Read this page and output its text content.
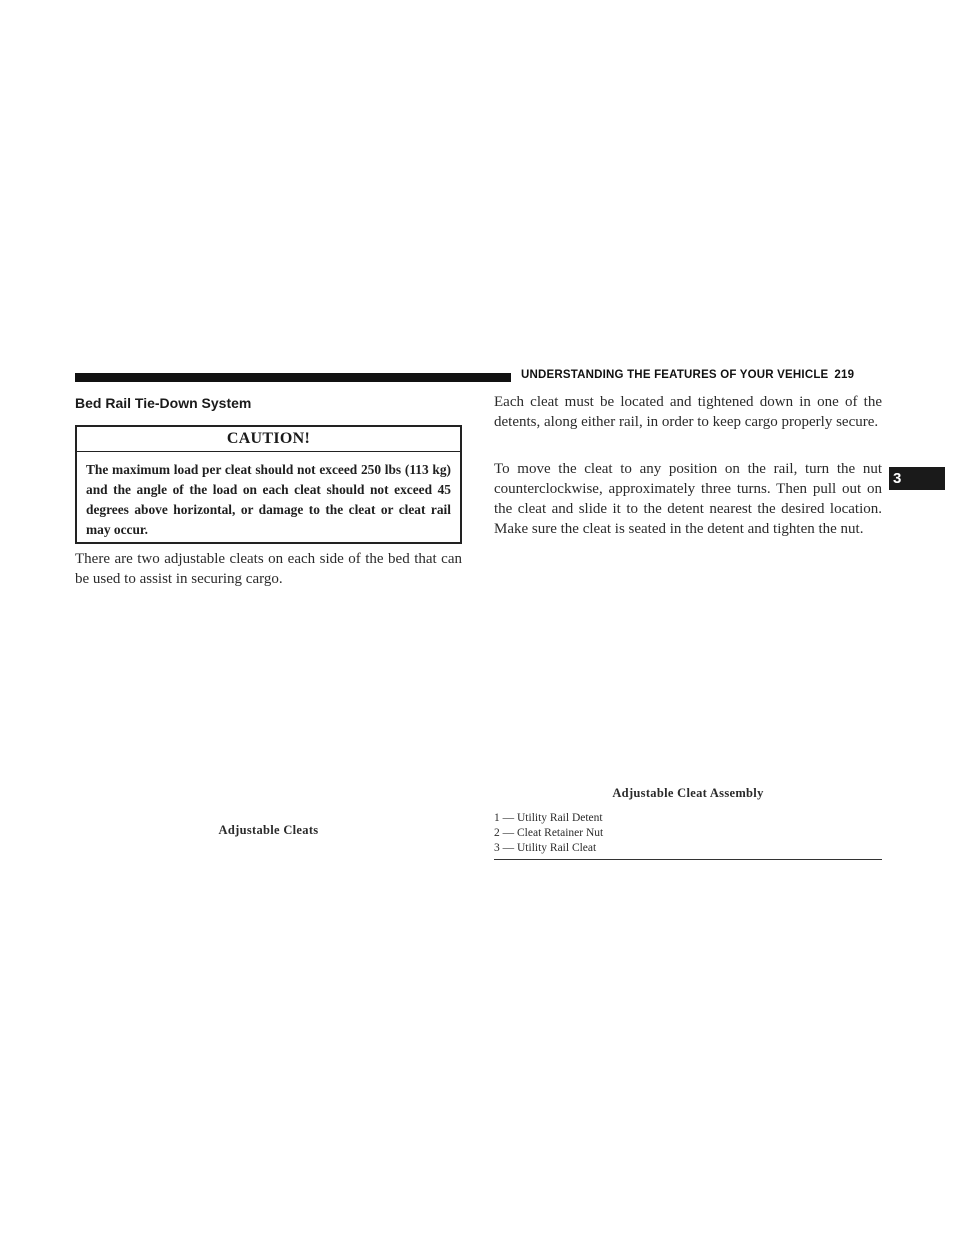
UNDERSTANDING THE FEATURES OF YOUR VEHICLE 219
Bed Rail Tie-Down System
CAUTION!
The maximum load per cleat should not exceed 250 lbs (113 kg) and the angle of the load on each cleat should not exceed 45 degrees above horizontal, or damage to the cleat or cleat rail may occur.
There are two adjustable cleats on each side of the bed that can be used to assist in securing cargo.
Adjustable Cleats
Each cleat must be located and tightened down in one of the detents, along either rail, in order to keep cargo properly secure.
To move the cleat to any position on the rail, turn the nut counterclockwise, approximately three turns. Then pull out on the cleat and slide it to the detent nearest the desired location. Make sure the cleat is seated in the detent and tighten the nut.
Adjustable Cleat Assembly
1 — Utility Rail Detent
2 — Cleat Retainer Nut
3 — Utility Rail Cleat
3
